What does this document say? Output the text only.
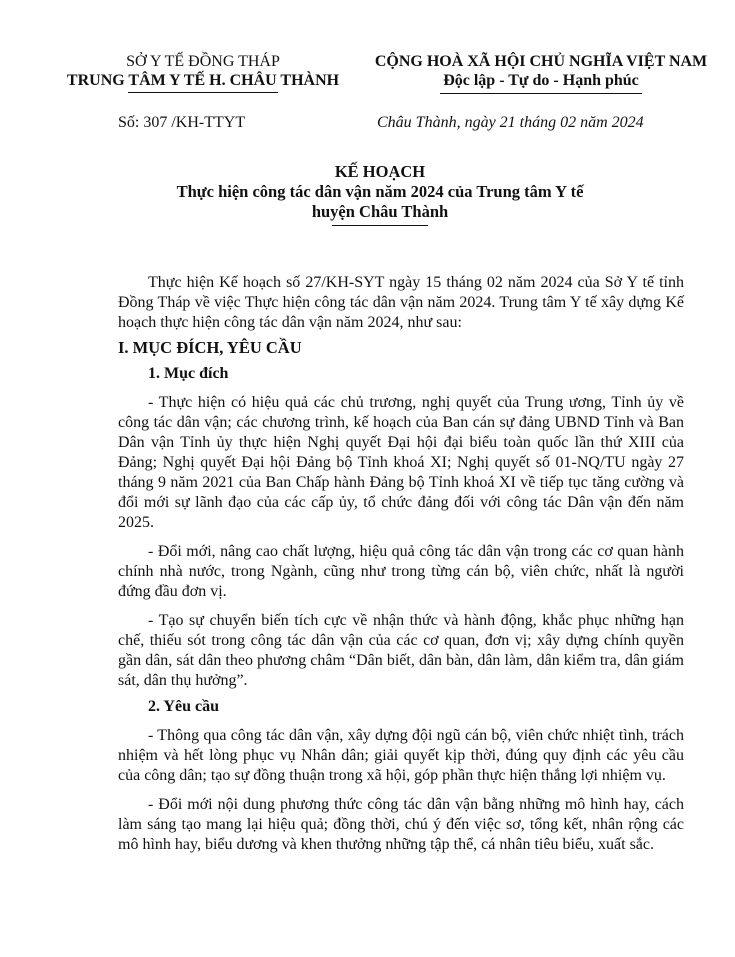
SỞ Y TẾ ĐỒNG THÁP
TRUNG TÂM Y TẾ H. CHÂU THÀNH
CỘNG HOÀ XÃ HỘI CHỦ NGHĨA VIỆT NAM
Độc lập - Tự do - Hạnh phúc
Số: 307 /KH-TTYT	Châu Thành, ngày 21 tháng 02 năm 2024
KẾ HOẠCH
Thực hiện công tác dân vận năm 2024 của Trung tâm Y tế
huyện Châu Thành

Thực hiện Kế hoạch số 27/KH-SYT ngày 15 tháng 02 năm 2024 của Sở Y tế tỉnh Đồng Tháp về việc Thực hiện công tác dân vận năm 2024. Trung tâm Y tế xây dựng Kế hoạch thực hiện công tác dân vận năm 2024, như sau:

I. MỤC ĐÍCH, YÊU CẦU

1. Mục đích

- Thực hiện có hiệu quả các chủ trương, nghị quyết của Trung ương, Tỉnh ủy về công tác dân vận; các chương trình, kế hoạch của Ban cán sự đảng UBND Tỉnh và Ban Dân vận Tỉnh ủy thực hiện Nghị quyết Đại hội đại biểu toàn quốc lần thứ XIII của Đảng; Nghị quyết Đại hội Đảng bộ Tỉnh khoá XI; Nghị quyết số 01-NQ/TU ngày 27 tháng 9 năm 2021 của Ban Chấp hành Đảng bộ Tỉnh khoá XI về tiếp tục tăng cường và đổi mới sự lãnh đạo của các cấp ủy, tổ chức đảng đối với công tác Dân vận đến năm 2025.

- Đổi mới, nâng cao chất lượng, hiệu quả công tác dân vận trong các cơ quan hành chính nhà nước, trong Ngành, cũng như trong từng cán bộ, viên chức, nhất là người đứng đầu đơn vị.

- Tạo sự chuyển biến tích cực về nhận thức và hành động, khắc phục những hạn chế, thiếu sót trong công tác dân vận của các cơ quan, đơn vị; xây dựng chính quyền gần dân, sát dân theo phương châm “Dân biết, dân bàn, dân làm, dân kiểm tra, dân giám sát, dân thụ hưởng”.

2. Yêu cầu

- Thông qua công tác dân vận, xây dựng đội ngũ cán bộ, viên chức nhiệt tình, trách nhiệm và hết lòng phục vụ Nhân dân; giải quyết kịp thời, đúng quy định các yêu cầu của công dân; tạo sự đồng thuận trong xã hội, góp phần thực hiện thắng lợi nhiệm vụ.

- Đổi mới nội dung phương thức công tác dân vận bằng những mô hình hay, cách làm sáng tạo mang lại hiệu quả; đồng thời, chú ý đến việc sơ, tổng kết, nhân rộng các mô hình hay, biểu dương và khen thưởng những tập thể, cá nhân tiêu biểu, xuất sắc.
